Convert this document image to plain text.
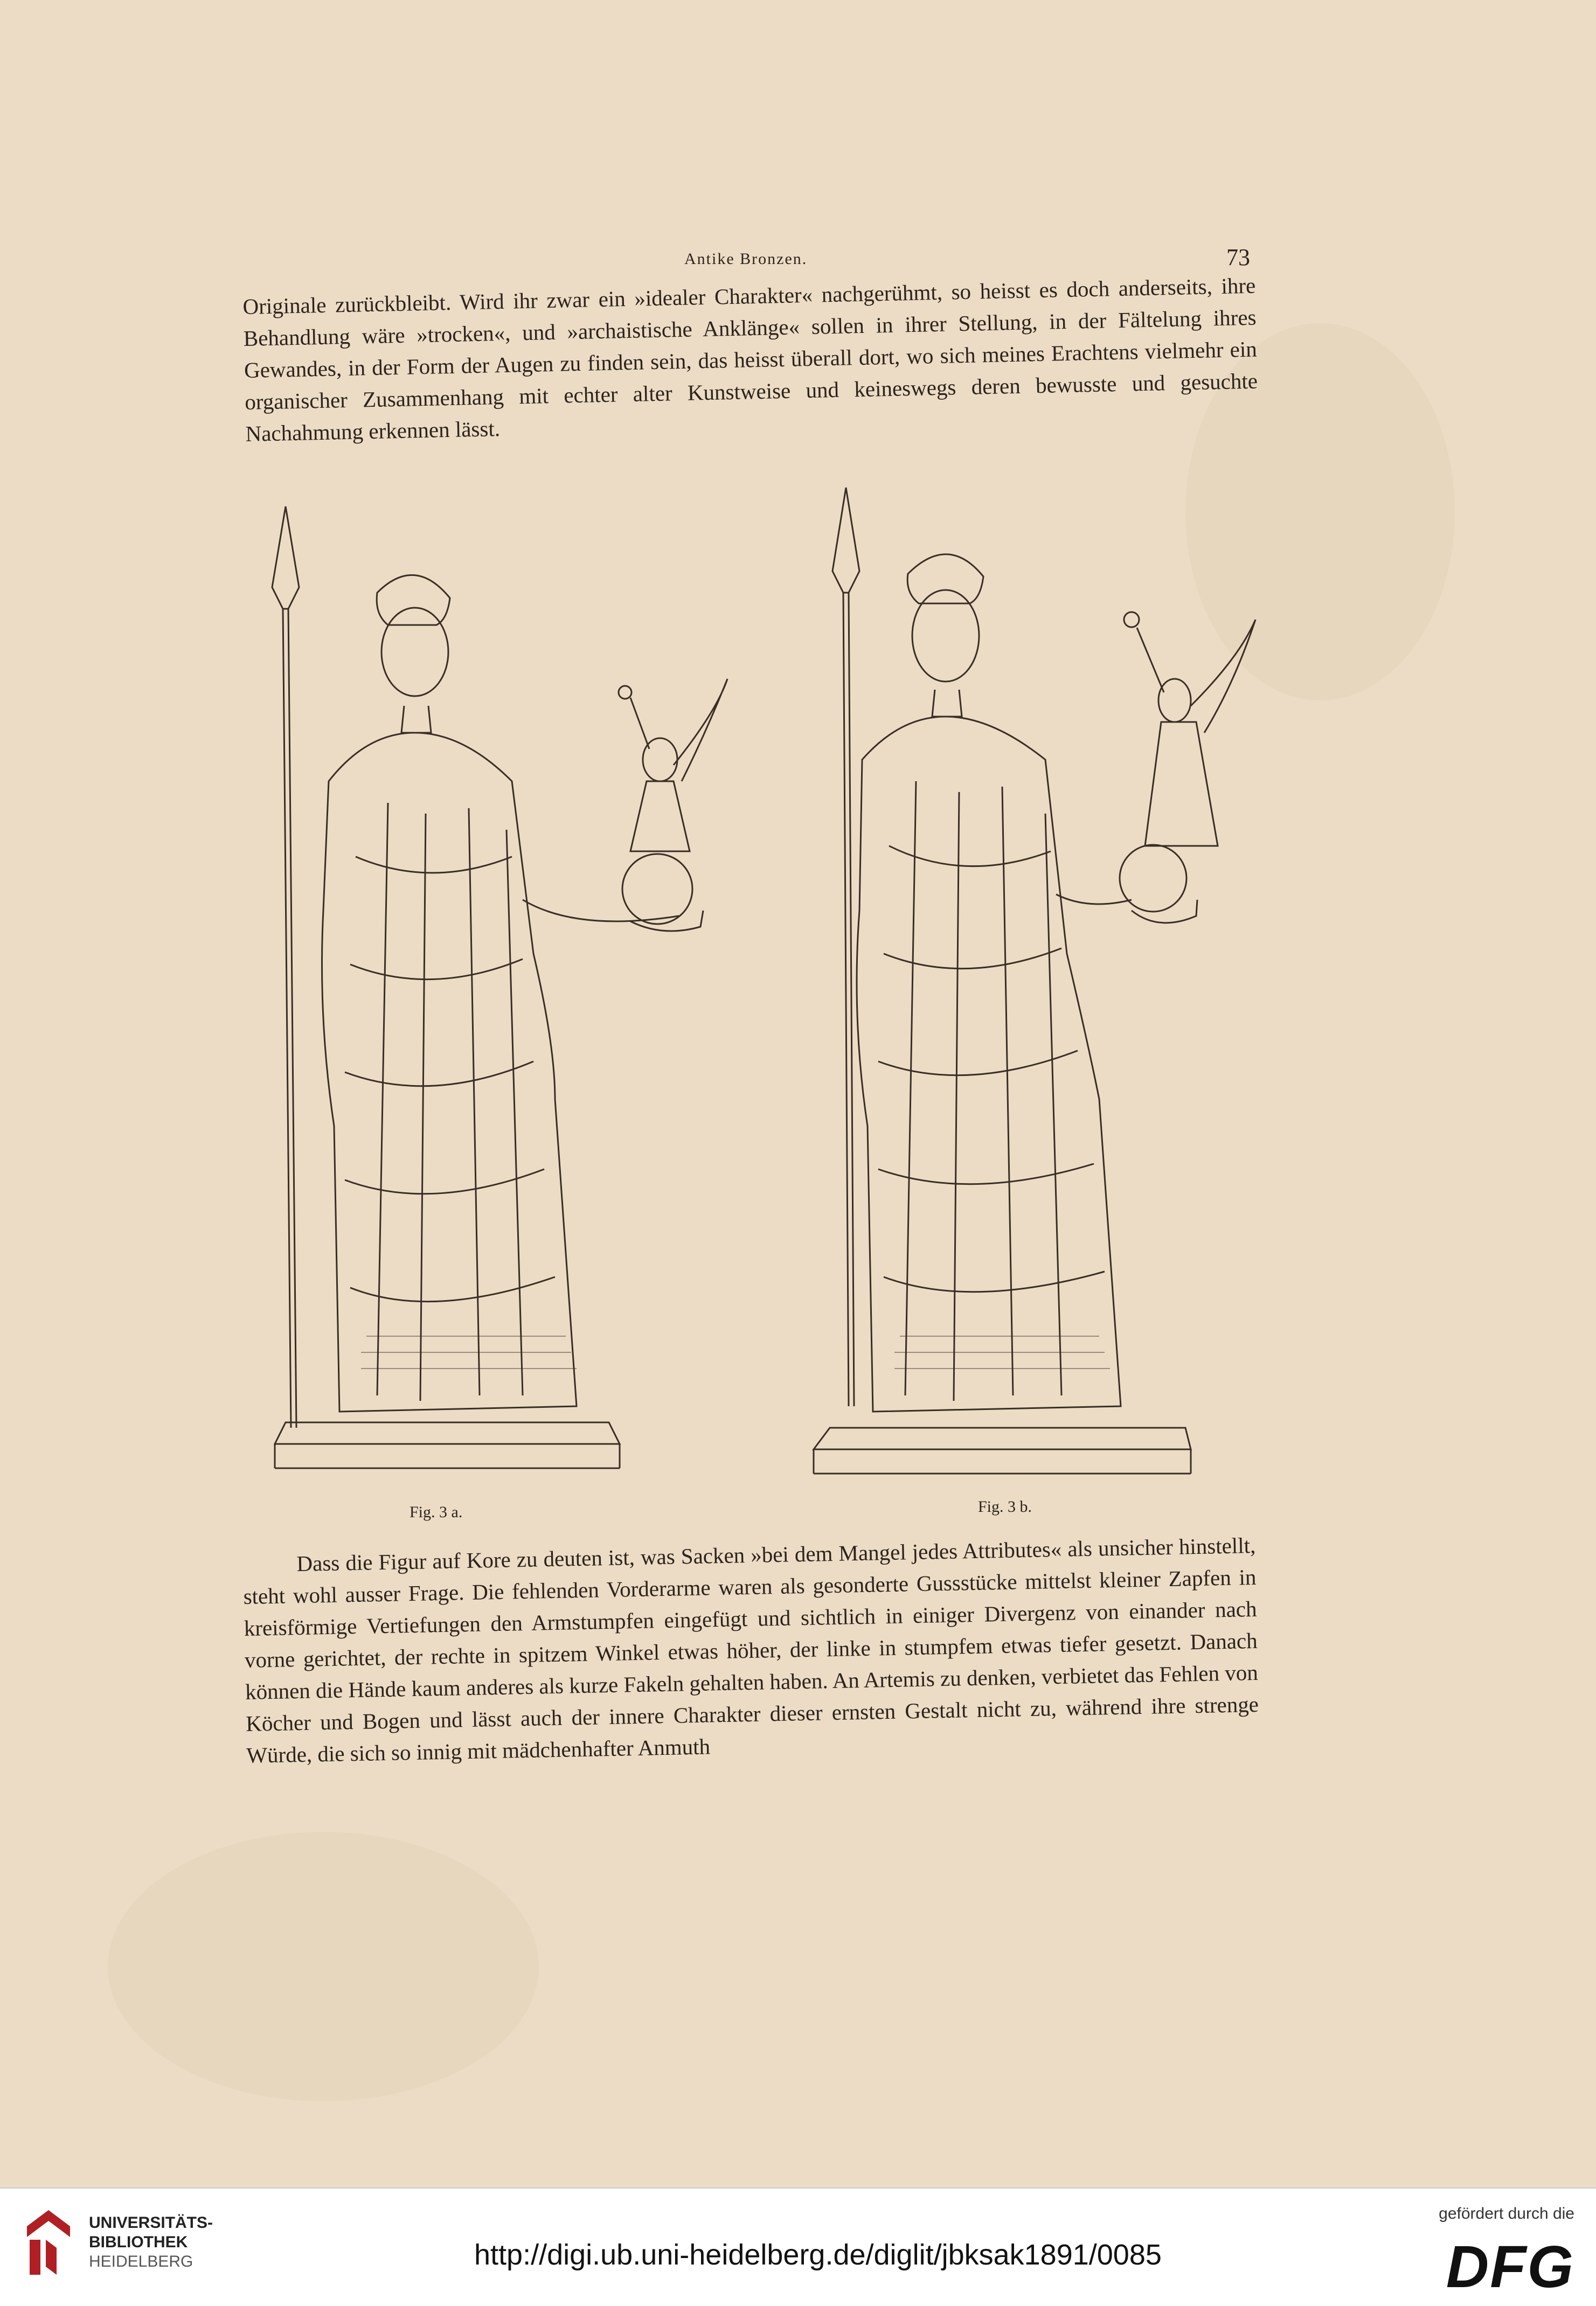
Antike Bronzen.	73

Originale zurückbleibt. Wird ihr zwar ein »idealer Charakter« nachgerühmt, so heisst es doch anderseits, ihre Behandlung wäre »trocken«, und »archaistische Anklänge« sollen in ihrer Stellung, in der Fältelung ihres Gewandes, in der Form der Augen zu finden sein, das heisst überall dort, wo sich meines Erachtens vielmehr ein organischer Zusammenhang mit echter alter Kunstweise und keineswegs deren bewusste und gesuchte Nachahmung erkennen lässt.

Fig. 3 a.	Fig. 3 b.

Dass die Figur auf Kore zu deuten ist, was Sacken »bei dem Mangel jedes Attributes« als unsicher hinstellt, steht wohl ausser Frage. Die fehlenden Vorderarme waren als gesonderte Gussstücke mittelst kleiner Zapfen in kreisförmige Vertiefungen den Armstumpfen eingefügt und sichtlich in einiger Divergenz von einander nach vorne gerichtet, der rechte in spitzem Winkel etwas höher, der linke in stumpfem etwas tiefer gesetzt. Danach können die Hände kaum anderes als kurze Fakeln gehalten haben. An Artemis zu denken, verbietet das Fehlen von Köcher und Bogen und lässt auch der innere Charakter dieser ernsten Gestalt nicht zu, während ihre strenge Würde, die sich so innig mit mädchenhafter Anmuth

UNIVERSITÄTS-
BIBLIOTHEK
HEIDELBERG	http://digi.ub.uni-heidelberg.de/diglit/jbksak1891/0085
gefördert durch die
DFG
